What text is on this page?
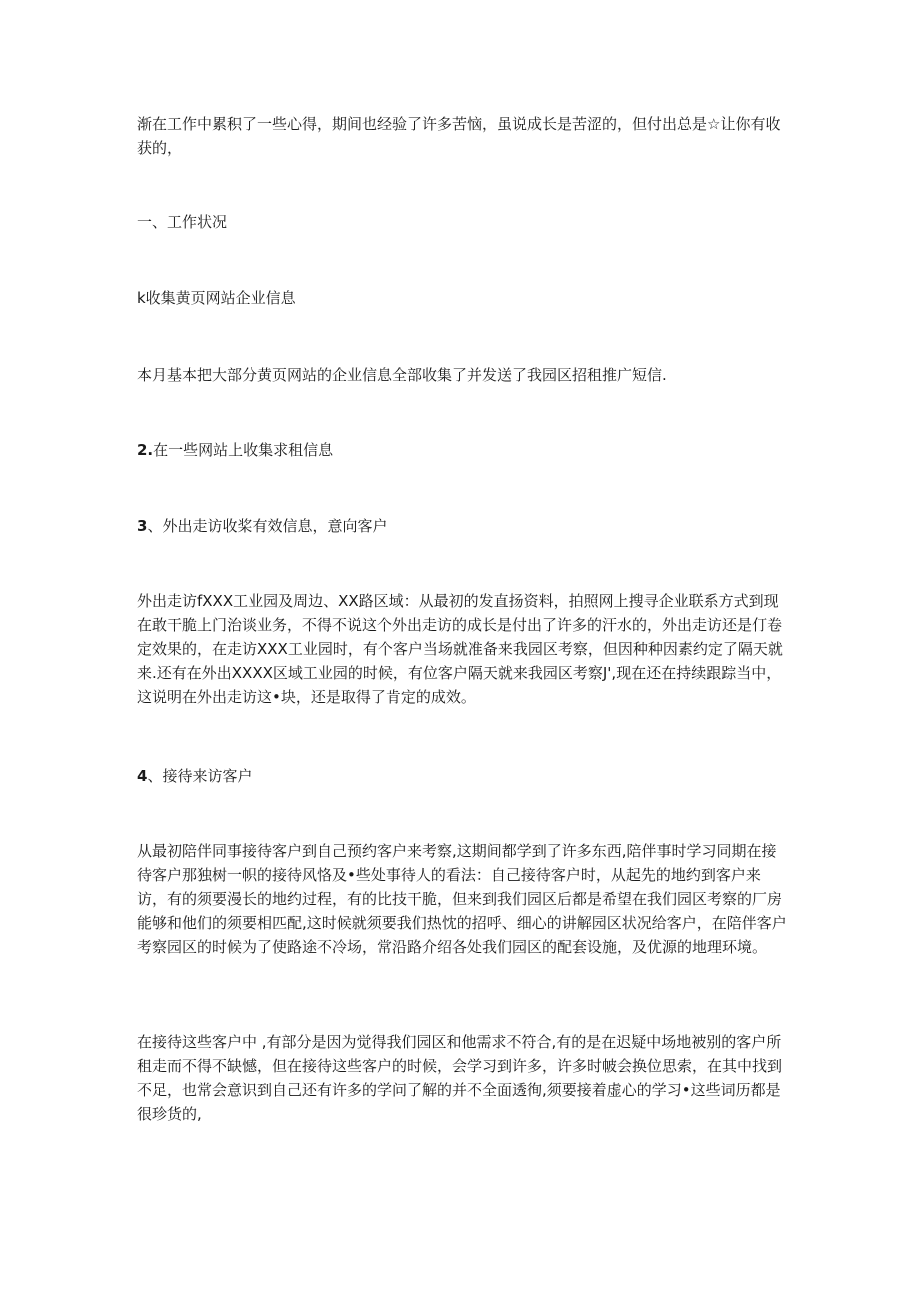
渐在工作中累积了一些心得，期间也经验了许多苦恼，虽说成长是苦涩的，但付出总是☆让你有收获的，

一、工作状况

k收集黄页网站企业信息

本月基本把大部分黄页网站的企业信息全部收集了并发送了我园区招租推广短信.

2.在一些网站上收集求租信息

3、外出走访收桨有效信息，意向客户

外出走访fXXX工业园及周边、XX路区域：从最初的发直扬资料，拍照网上搜寻企业联系方式到现在敢干脆上门治谈业务，不得不说这个外出走访的成长是付出了许多的汗水的，外出走访还是仃卷定效果的，在走访XXX工业园时，有个客户当场就准备来我园区考察，但因种种因素约定了隔天就来.还有在外出XXXX区域工业园的时候，有位客户隔天就来我园区考察J',现在还在持续跟踪当中，这说明在外出走访这•块，还是取得了肯定的成效。

4、接待来访客户

从最初陪伴同事接待客户到自己预约客户来考察,这期间都学到了许多东西,陪伴事时学习同期在接待客户那独树一帜的接待风恪及•些处事待人的看法：自己接待客户时，从起先的地约到客户来访，有的须要漫长的地约过程，有的比技干脆，但来到我们园区后都是希望在我们园区考察的厂房能够和他们的须要相匹配,这时候就须要我们热忱的招呼、细心的讲解园区状况给客户，在陪伴客户考察园区的时候为了使路途不冷场，常沿路介绍各处我们园区的配套设施，及优源的地理环境。

在接待这些客户中 ,有部分是因为觉得我们园区和他需求不符合,有的是在迟疑中场地被别的客户所租走而不得不缺憾，但在接待这些客户的时候，会学习到许多，许多时帔会换位思索，在其中找到不足，也常会意识到自己还有许多的学问了解的并不全面透徇,须要接着虚心的学习•这些词历都是很珍货的,
